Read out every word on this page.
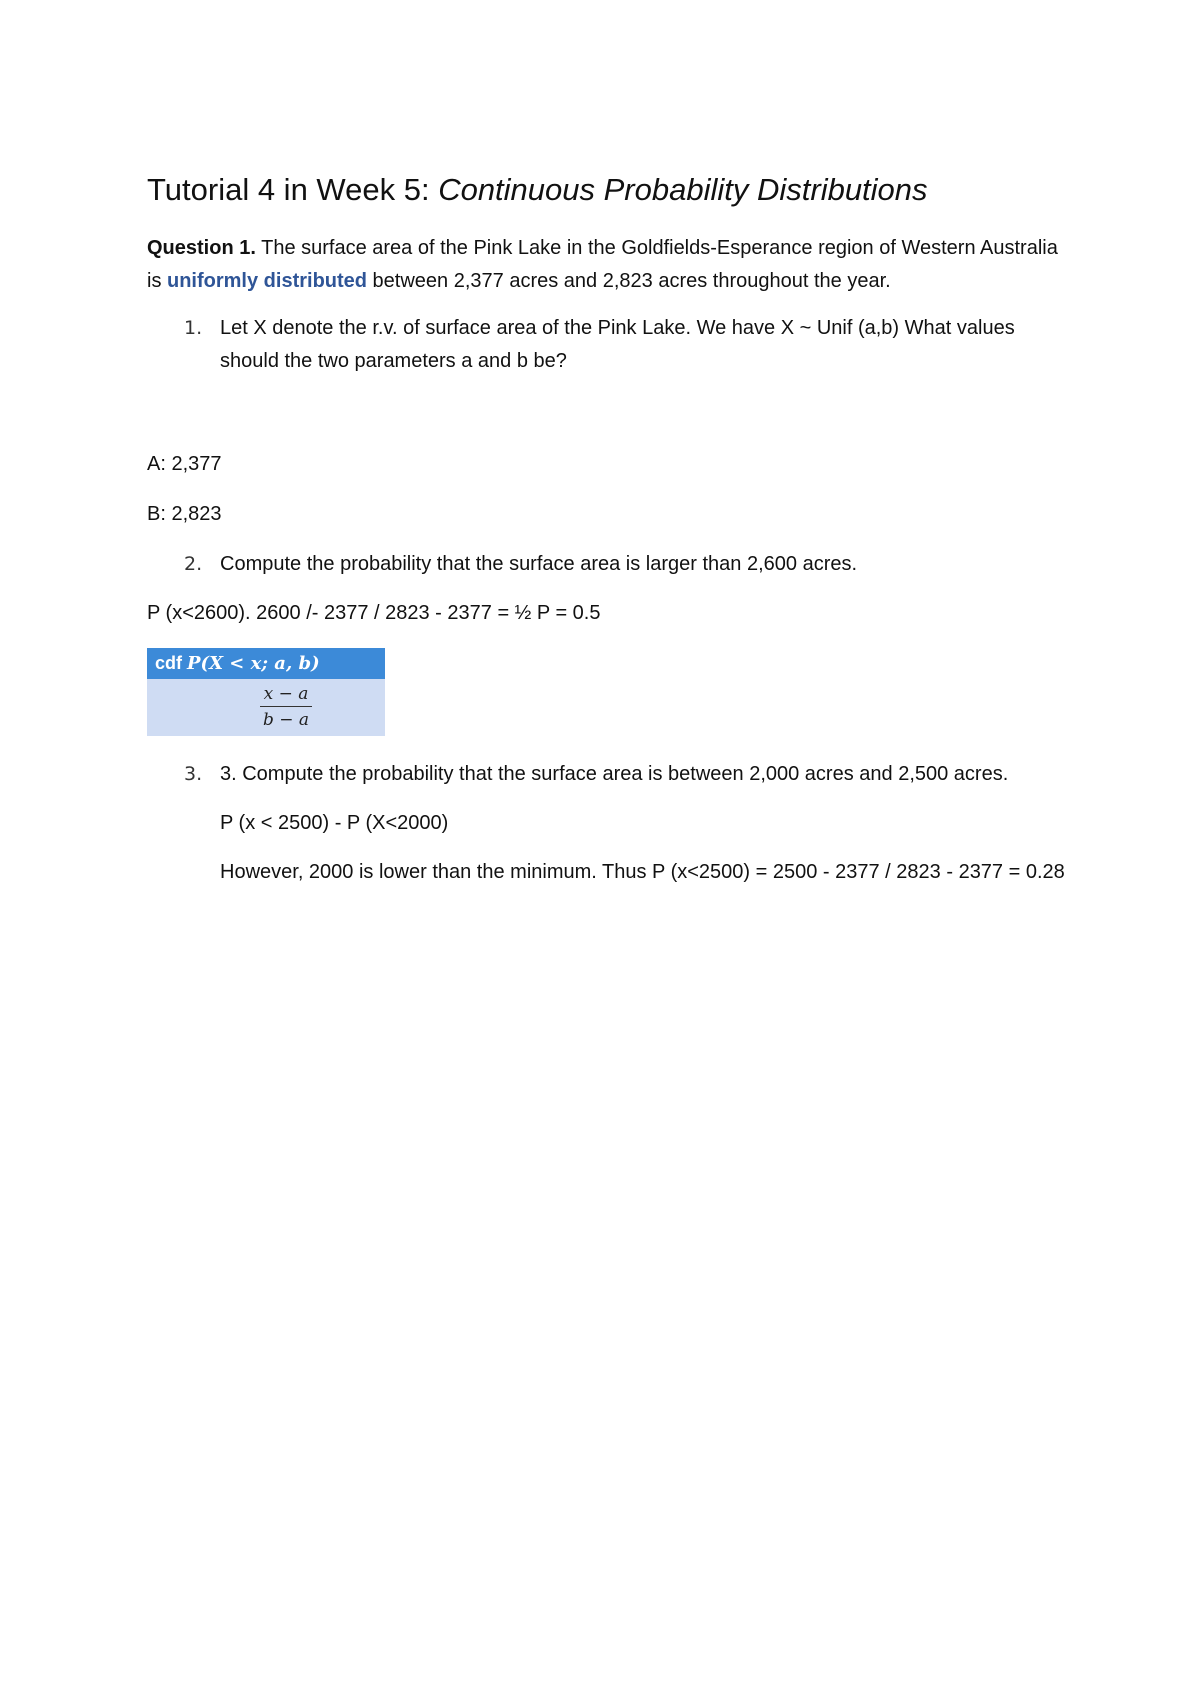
Tutorial 4 in Week 5: Continuous Probability Distributions

Question 1. The surface area of the Pink Lake in the Goldfields-Esperance region of Western Australia is uniformly distributed between 2,377 acres and 2,823 acres throughout the year.

1. Let X denote the r.v. of surface area of the Pink Lake. We have X ~ Unif (a,b) What values should the two parameters a and b be?

A: 2,377

B: 2,823

2. Compute the probability that the surface area is larger than 2,600 acres.

P (x<2600). 2600 /- 2377 / 2823 - 2377 = ½ P = 0.5

cdf P(X < x; a, b)
$\frac{x - a}{b - a}$
3. 3. Compute the probability that the surface area is between 2,000 acres and 2,500 acres.

P (x < 2500) - P (X<2000)

However, 2000 is lower than the minimum. Thus P (x<2500) = 2500 - 2377 / 2823 - 2377 = 0.28
